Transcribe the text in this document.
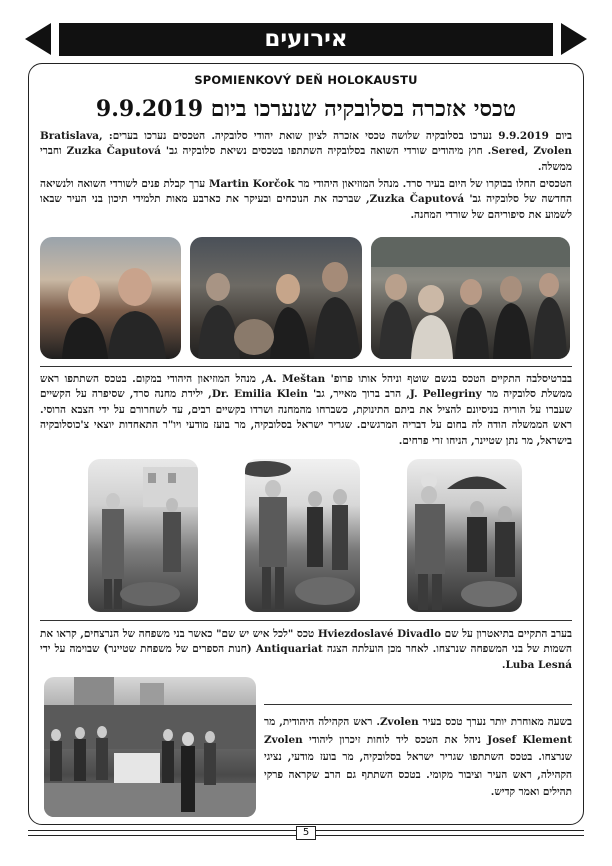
אירועים
SPOMIENKOVÝ DEŇ HOLOKAUSTU
טכסי אזכרה בסלובקיה שנערכו ביום 9.9.2019

ביום 9.9.2019 נערכו בסלובקיה שלושה טכסי אזכרה לציון שואת יהודי סלובקיה. הטכסים נערכו בערים: Bratislava, Sered, Zvolen. חוץ מיהודים שורדי השואה בסלובקיה השתתפו בטכסים נשיאת סלובקיה גב' Zuzka Čaputová וחברי ממשלה.

הטכסים החלו בבוקרו של היום בעיר סרד. מנהל המוזיאון היהודי מר Martin Korčok ערך קבלת פנים לשורדי השואה ולנשיאה החדשה של סלובקיה גב' Zuzka Čaputová, שברכה את הנוכחים ובעיקר את כארבע מאות תלמידי תיכון בני העיר שבאו לשמוע את סיפוריהם של שורדי המחנה.

בברטיסלבה התקיים הטכס בגשם שוטף וניהל אותו פרופ' A. Meštan, מנהל המוזיאון היהודי במקום. בטכס השתתפו ראש ממשלת סלובקיה מר J. Pellegriny, הרב ברוך מאייר, גב' Dr. Emilia Klein, ילידת מחנה סרד, שסיפרה על הקשיים שעברו על הוריה בניסיונם להציל את ביתם התינוקת, כשברחו מהמחנה ושרדו בקשיים רבים, עד לשחרורם על ידי הצבא הרוסי. ראש הממשלה הודה לה בחום על דבריה המרגשים. שגריר ישראל בסלובקיה, מר בועז מודעי ויו"ר התאחדות יוצאי צ'כוסלובקיה בישראל, מר נתן שטיינר, הניחו זרי פרחים.

בערב התקיים בתיאטרון על שם Hviezdoslavé Divadlo טכס "לכל איש יש שם" כאשר בני משפחה של הנרצחים, קראו את השמות של בני המשפחה שנרצחו. לאחר מכן הועלתה הצגה Antiquariat (חנות הספרים של משפחת שטיינר) שבוימה על ידי Luba Lesná.

בשעה מאוחרת יותר נערך טכס בעיר Zvolen. ראש הקהילה היהודית, מר Josef Klement ניהל את הטכס ליד לוחות זיכרון ליהודי Zvolen שנרצחו. בטכס השתתפו שגריר ישראל בסלובקיה, מר בועז מודעי, נציגי הקהילה, ראש העיר וציבור מקומי. בטכס השתתף גם הרב שקראה פרקי תהילים ואמר קדיש.

5
